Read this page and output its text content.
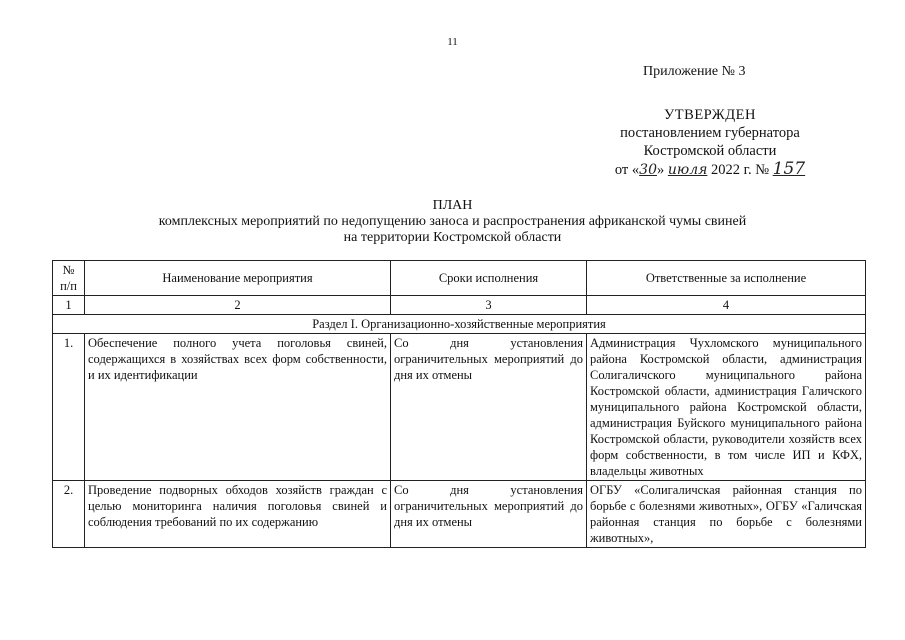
11
Приложение № 3
УТВЕРЖДЕН
постановлением губернатора
Костромской области
от «30» июля 2022 г. № 157
ПЛАН
комплексных мероприятий по недопущению заноса и распространения африканской чумы свиней
на территории Костромской области
№ п/п	Наименование мероприятия	Сроки исполнения	Ответственные за исполнение
1	2	3	4
Раздел I. Организационно-хозяйственные мероприятия			
1.	Обеспечение полного учета поголовья свиней, содержащихся в хозяйствах всех форм собственности, и их идентификации	Со дня установления ограничительных мероприятий до дня их отмены	Администрация Чухломского муниципального района Костромской области, администрация Солигаличского муниципального района Костромской области, администрация Галичского муниципального района Костромской области, администрация Буйского муниципального района Костромской области, руководители хозяйств всех форм собственности, в том числе ИП и КФХ, владельцы животных
2.	Проведение подворных обходов хозяйств граждан с целью мониторинга наличия поголовья свиней и соблюдения требований по их содержанию	Со дня установления ограничительных мероприятий до дня их отмены	ОГБУ «Солигаличская районная станция по борьбе с болезнями животных», ОГБУ «Галичская районная станция по борьбе с болезнями животных»,
